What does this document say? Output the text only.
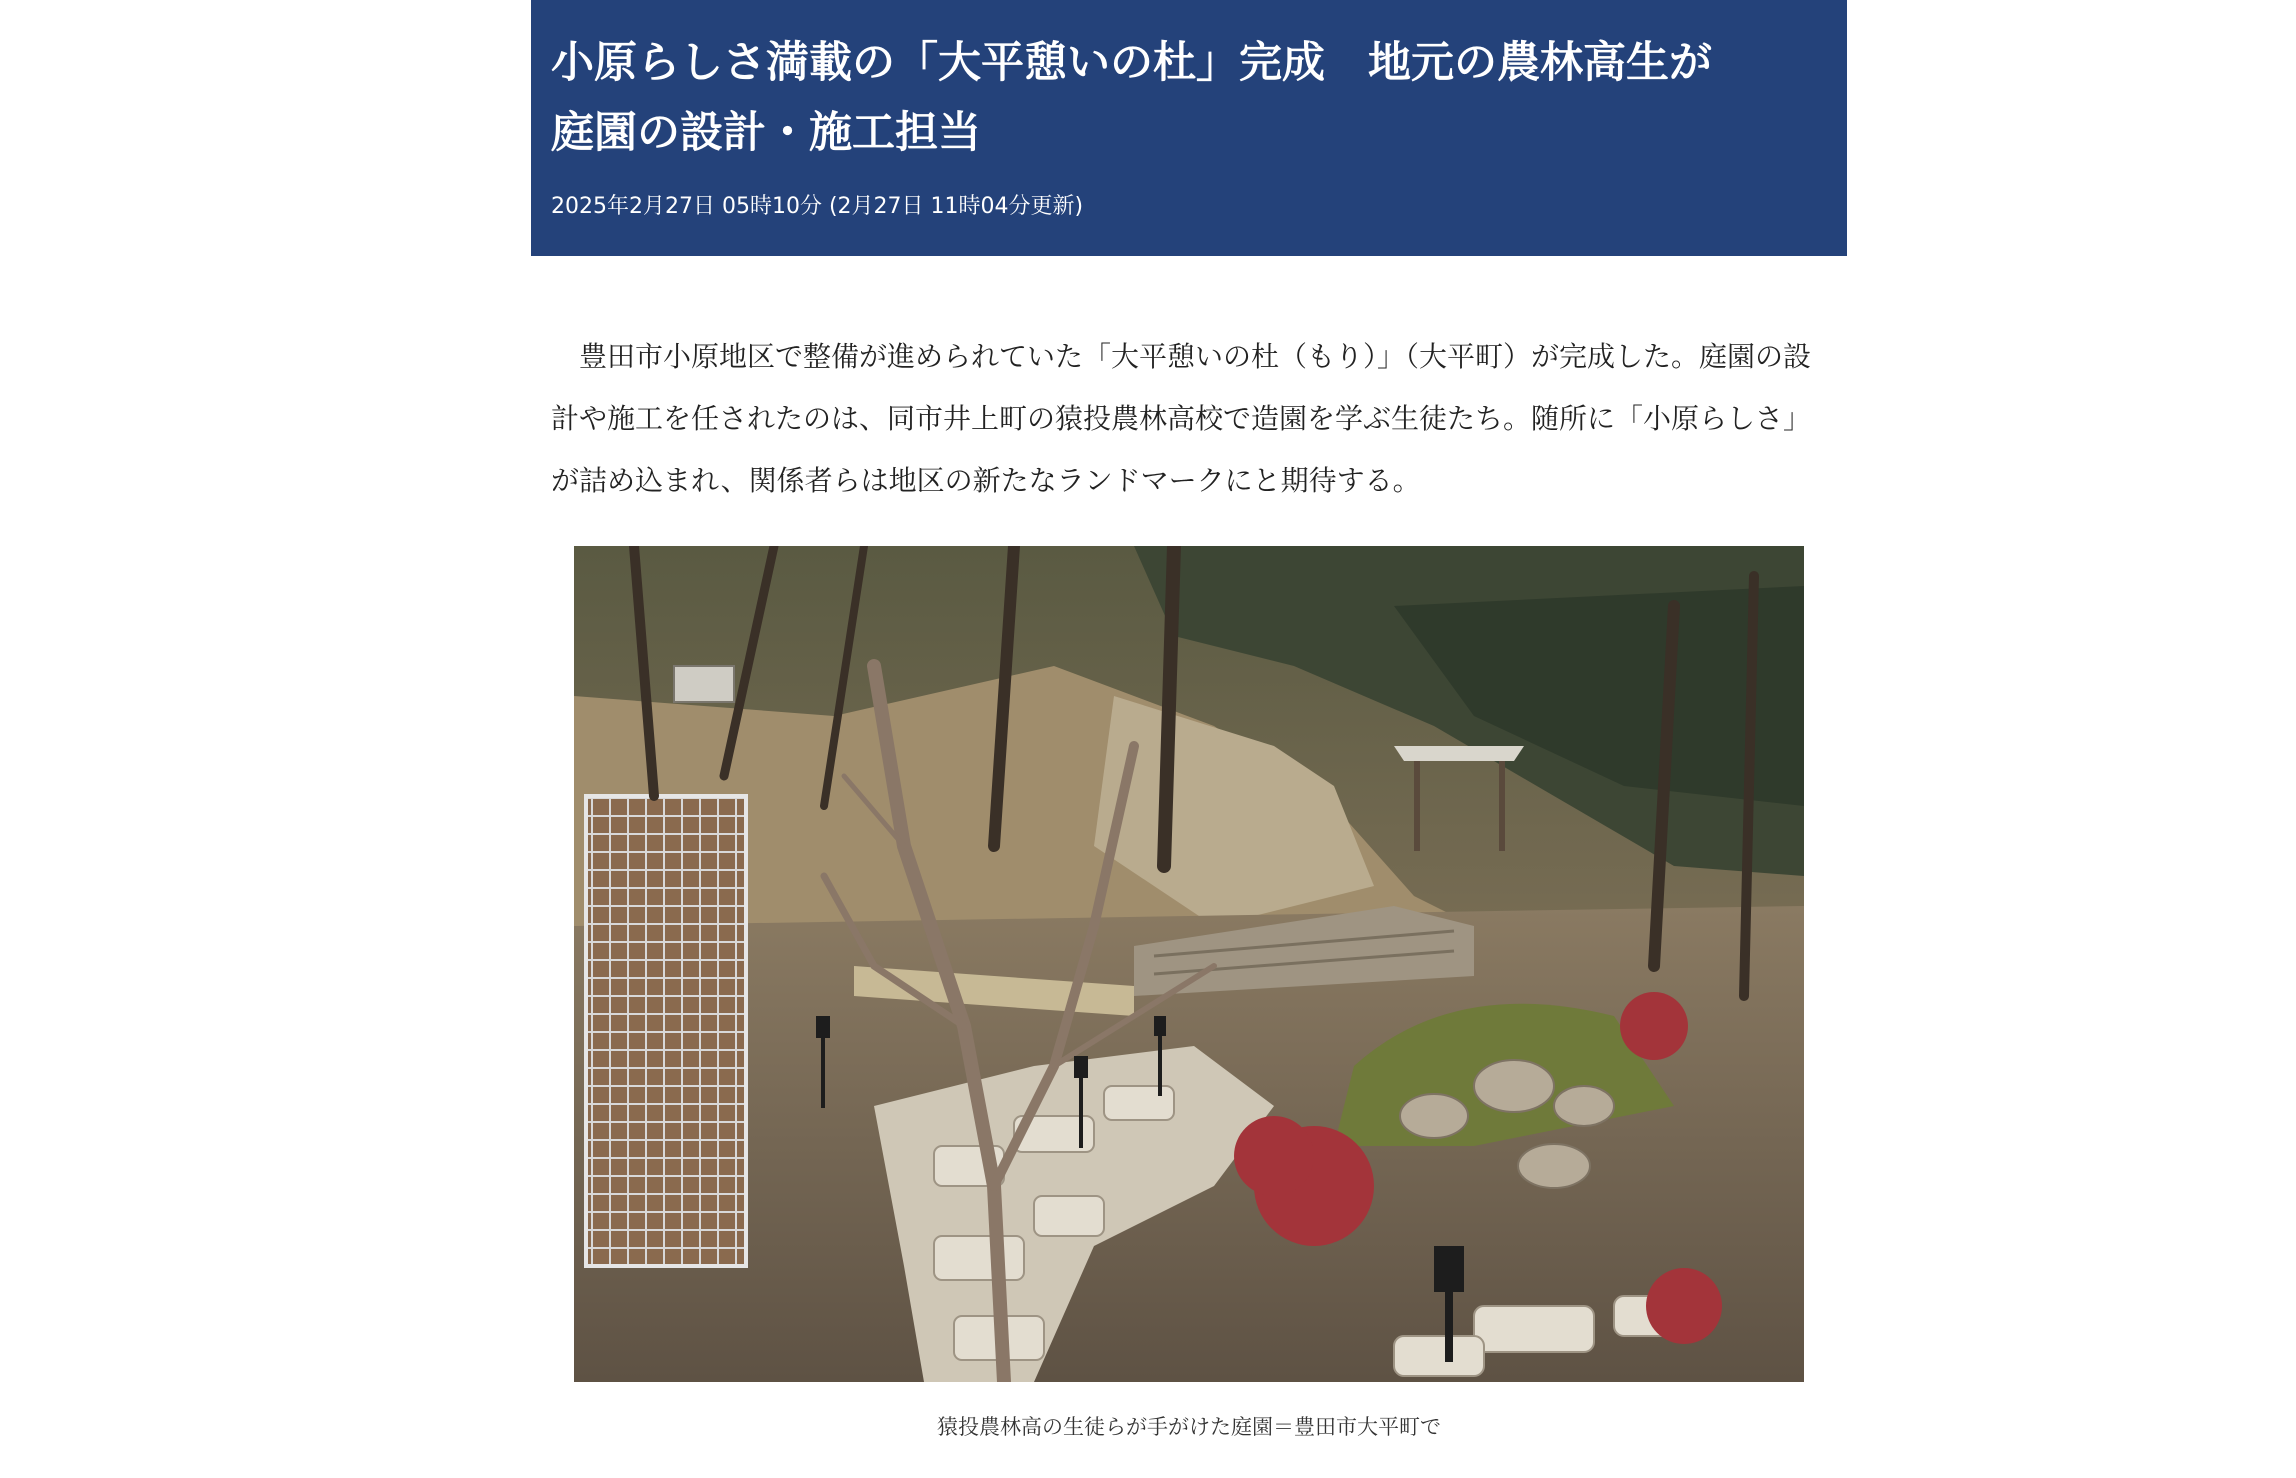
小原らしさ満載の「大平憩いの杜」完成　地元の農林高生が
庭園の設計・施工担当
2025年2月27日 05時10分 (2月27日 11時04分更新)

豊田市小原地区で整備が進められていた「大平憩いの杜（もり）」（大平町）が完成した。庭園の設計や施工を任されたのは、同市井上町の猿投農林高校で造園を学ぶ生徒たち。随所に「小原らしさ」が詰め込まれ、関係者らは地区の新たなランドマークにと期待する。

猿投農林高の生徒らが手がけた庭園＝豊田市大平町で
